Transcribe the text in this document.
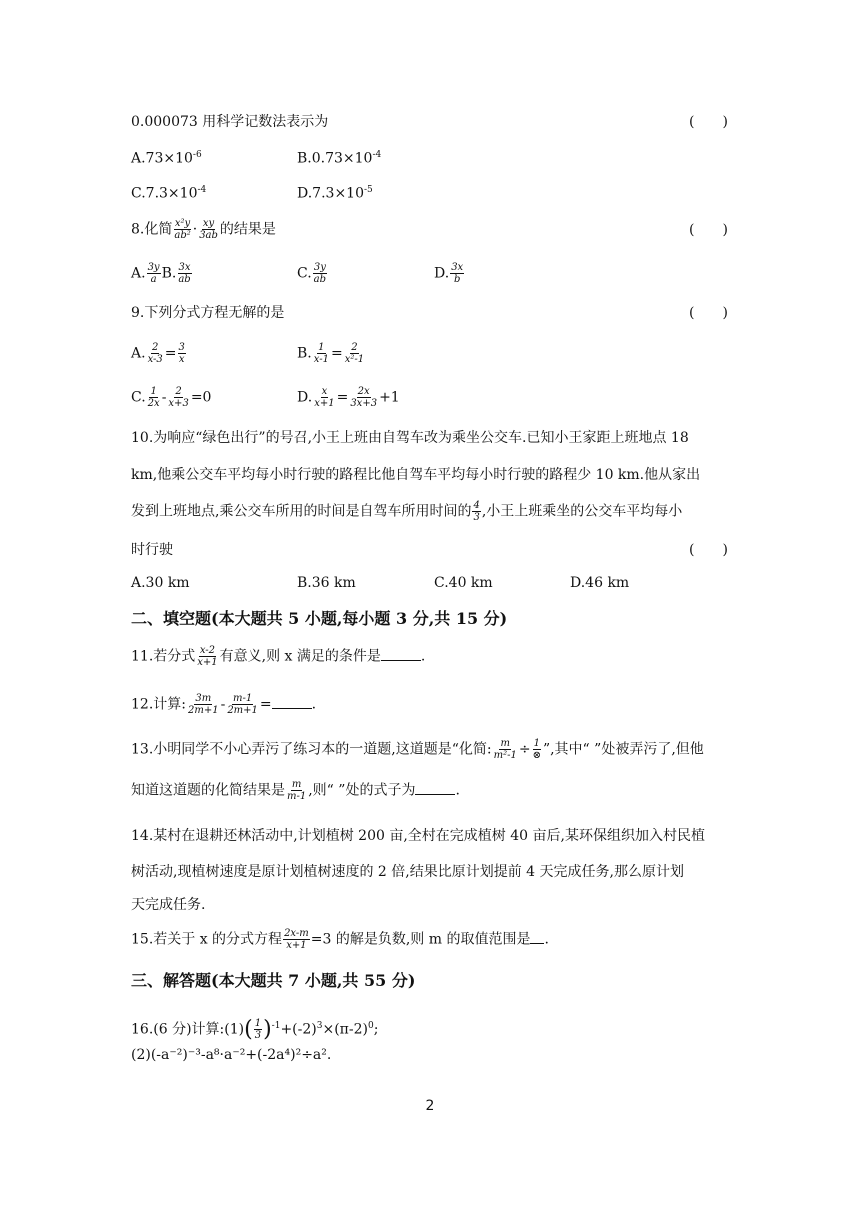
0.000073 用科学记数法表示为	(　　)
$A.73\times 10^{-6}$	$B.0.73\times 10^{-4}$
$C.7.3\times 10^{-4}$	$D.7.3\times 10^{-5}$
8.化简 $\frac{\text{x²y}}{\text{ab²}} \cdot \frac{xy}{3ab}$ 的结果是	(　　)
A. $\frac{3y}{a} B$. $\frac{3x}{ab}$	C. $\frac{3y}{ab}$	D. $\frac{3x}{b}$
9.下列分式方程无解的是	(　　)
A. $\frac{2}{x-3} = \frac{3}{x}$	B. $\frac{1}{x-1} = \frac{2}{\text{x²-1}}$
C. $\frac{1}{2x} - \frac{2}{x+3} =0$	D. $\frac{x}{x+1} = \frac{2x}{3x+3} +1$
10.为响应“绿色出行”的号召,小王上班由自驾车改为乘坐公交车.已知小王家距上班地点 18
km,他乘公交车平均每小时行驶的路程比他自驾车平均每小时行驶的路程少 10 km.他从家出
发到上班地点,乘公交车所用的时间是自驾车所用时间的 $\frac{4}{3}$ ,小王上班乘坐的公交车平均每小
时行驶	(　　)
A.30 km	B.36 km	C.40 km	D.46 km
二、填空题(本大题共 5 小题,每小题 3 分,共 15 分)
11.若分式 $\frac{x-2}{x+1}$ 有意义,则 x 满足的条件是	.
12.计算: $\frac{3m}{2m+1} - \frac{m-1}{2m+1}$ =	.
13.小明同学不小心弄污了练习本的一道题,这道题是“化简: $\frac{m}{\text{m²-1}} \div \frac{1}{\otimes}$ ”,其中“ ”处被弄污了,但他
知道这道题的化简结果是 $\frac{m}{m-1}$ ,则“ ”处的式子为	.
14.某村在退耕还林活动中,计划植树 200 亩,全村在完成植树 40 亩后,某环保组织加入村民植
树活动,现植树速度是原计划植树速度的 2 倍,结果比原计划提前 4 天完成任务,那么原计划
天完成任务.
15.若关于 x 的分式方程 $\frac{2x-m}{x+1} =3$ 的解是负数,则 m 的取值范围是 .
三、解答题(本大题共 7 小题,共 55 分)
16.(6 分)计算:(1)( $\frac{1}{3} )^{-1}+(-2)^3\times(\pi-2)^0$;
(2)(-a⁻²)⁻³-a⁸·a⁻²+(-2a⁴)²÷a².
2
